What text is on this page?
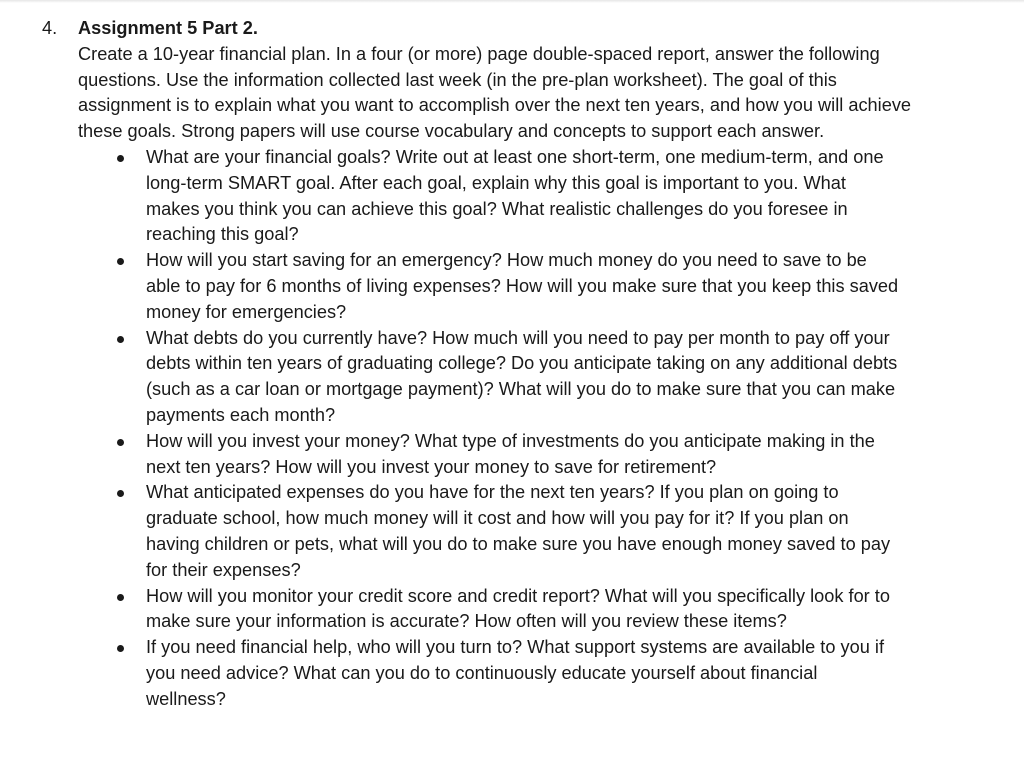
4. Assignment 5 Part 2.
Create a 10-year financial plan. In a four (or more) page double-spaced report, answer the following questions. Use the information collected last week (in the pre-plan worksheet). The goal of this assignment is to explain what you want to accomplish over the next ten years, and how you will achieve these goals. Strong papers will use course vocabulary and concepts to support each answer.
What are your financial goals? Write out at least one short-term, one medium-term, and one long-term SMART goal. After each goal, explain why this goal is important to you. What makes you think you can achieve this goal? What realistic challenges do you foresee in reaching this goal?
How will you start saving for an emergency? How much money do you need to save to be able to pay for 6 months of living expenses? How will you make sure that you keep this saved money for emergencies?
What debts do you currently have? How much will you need to pay per month to pay off your debts within ten years of graduating college? Do you anticipate taking on any additional debts (such as a car loan or mortgage payment)? What will you do to make sure that you can make payments each month?
How will you invest your money? What type of investments do you anticipate making in the next ten years? How will you invest your money to save for retirement?
What anticipated expenses do you have for the next ten years? If you plan on going to graduate school, how much money will it cost and how will you pay for it? If you plan on having children or pets, what will you do to make sure you have enough money saved to pay for their expenses?
How will you monitor your credit score and credit report? What will you specifically look for to make sure your information is accurate? How often will you review these items?
If you need financial help, who will you turn to? What support systems are available to you if you need advice? What can you do to continuously educate yourself about financial wellness?
